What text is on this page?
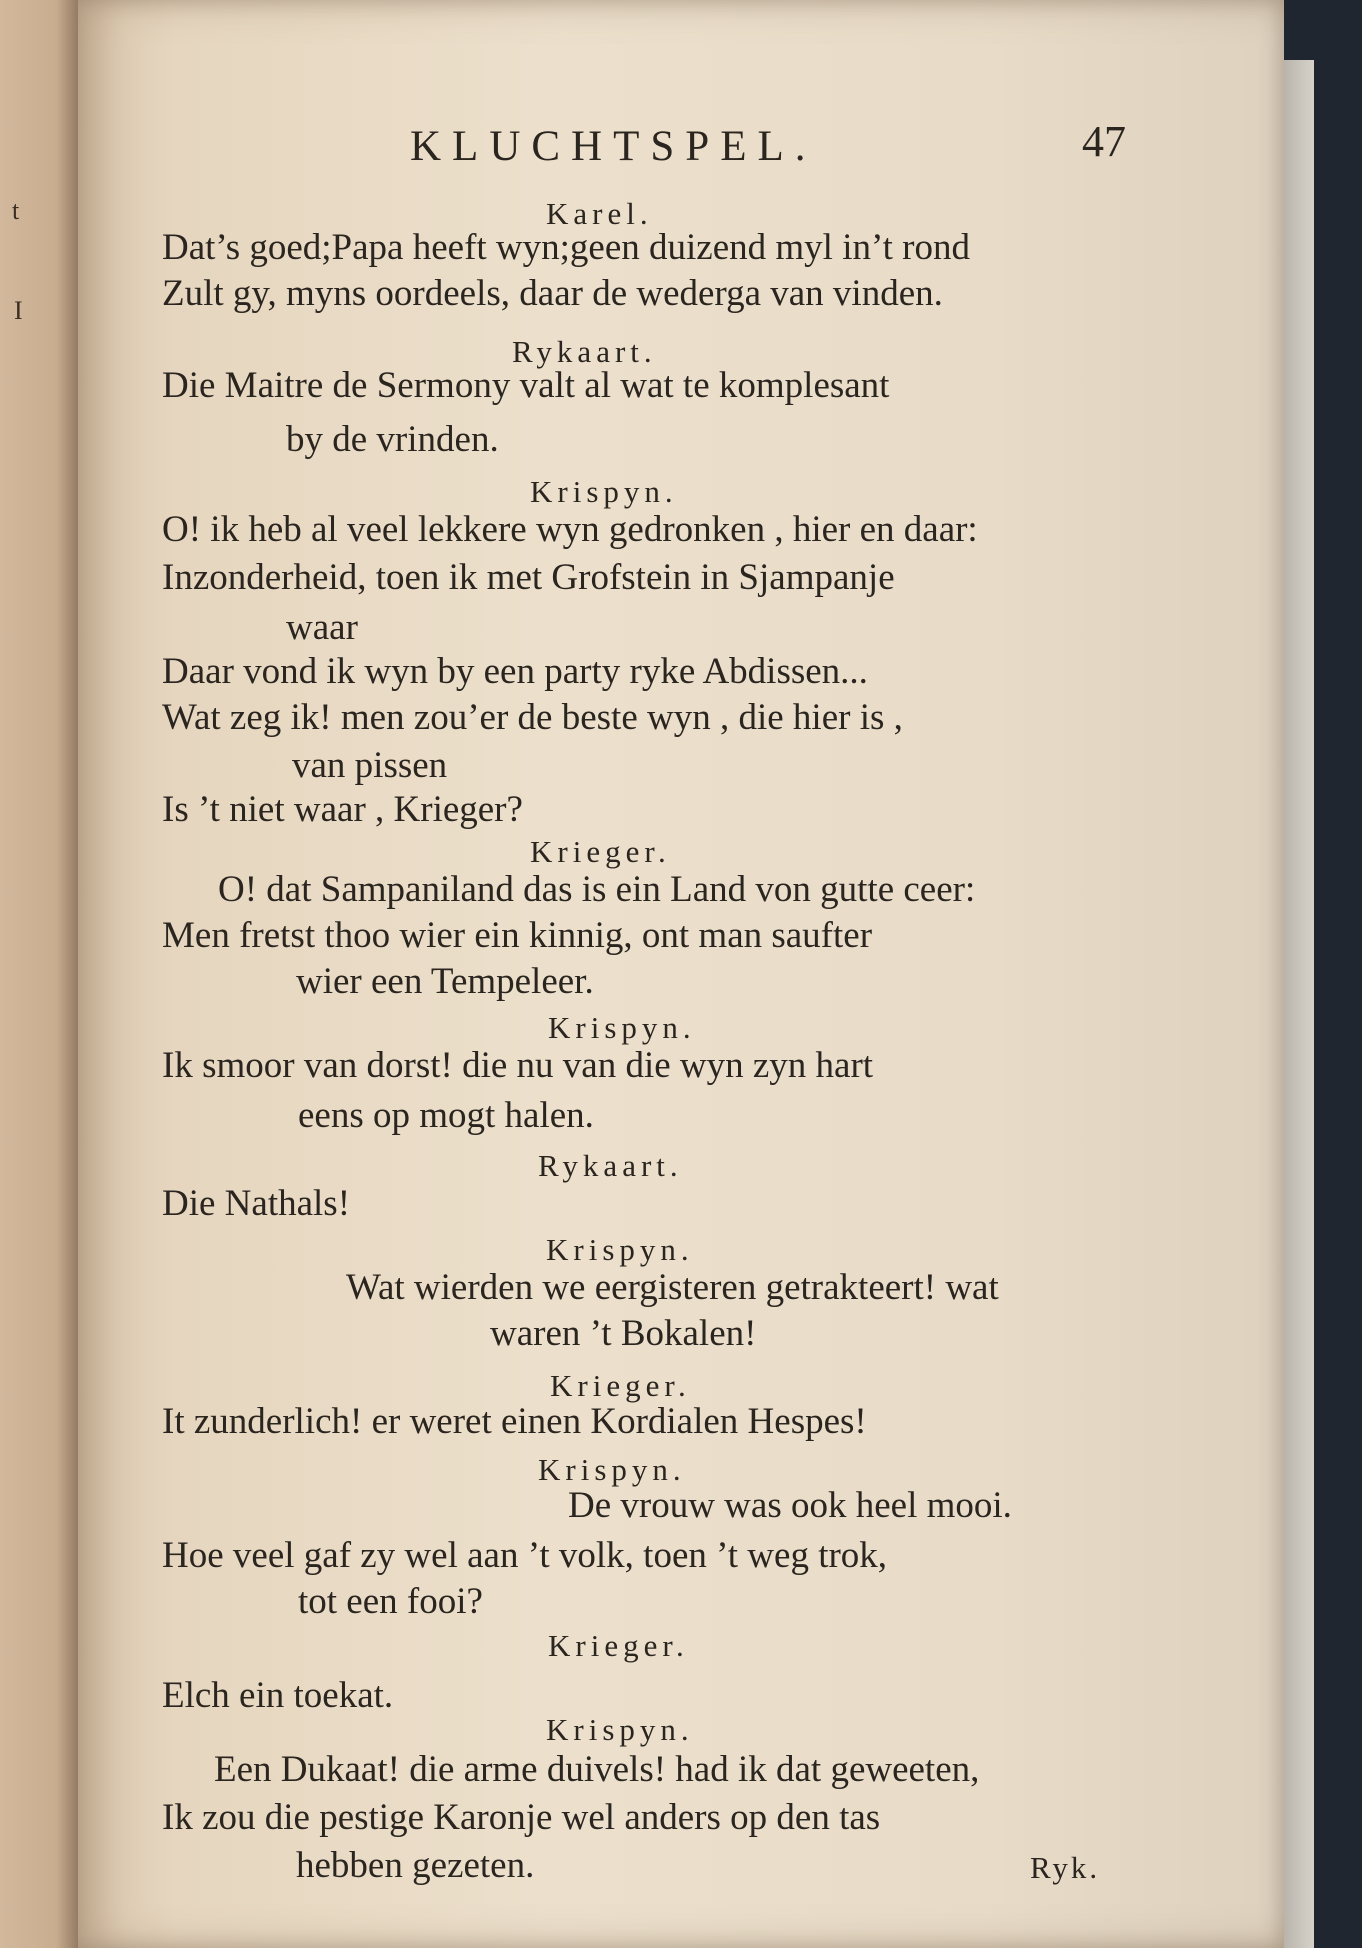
t
I
KLUCHTSPEL.	47
Karel.
Dat’s goed;Papa heeft wyn;geen duizend myl in’t rond
Zult gy, myns oordeels, daar de wederga van vinden.
Rykaart.
Die Maitre de Sermony valt al wat te komplesant
by de vrinden.
Krispyn.
O! ik heb al veel lekkere wyn gedronken , hier en daar:
Inzonderheid, toen ik met Grofstein in Sjampanje
waar
Daar vond ik wyn by een party ryke Abdissen...
Wat zeg ik! men zou’er de beste wyn , die hier is ,
van pissen
Is ’t niet waar , Krieger?
Krieger.
O! dat Sampaniland das is ein Land von gutte ceer:
Men fretst thoo wier ein kinnig, ont man saufter
wier een Tempeleer.
Krispyn.
Ik smoor van dorst! die nu van die wyn zyn hart
eens op mogt halen.
Rykaart.
Die Nathals!
Krispyn.
Wat wierden we eergisteren getrakteert! wat
waren ’t Bokalen!
Krieger.
It zunderlich! er weret einen Kordialen Hespes!
Krispyn.
De vrouw was ook heel mooi.
Hoe veel gaf zy wel aan ’t volk, toen ’t weg trok,
tot een fooi?
Krieger.
Elch ein toekat.
Krispyn.
Een Dukaat! die arme duivels! had ik dat geweeten,
Ik zou die pestige Karonje wel anders op den tas
hebben gezeten.	Ryk.
